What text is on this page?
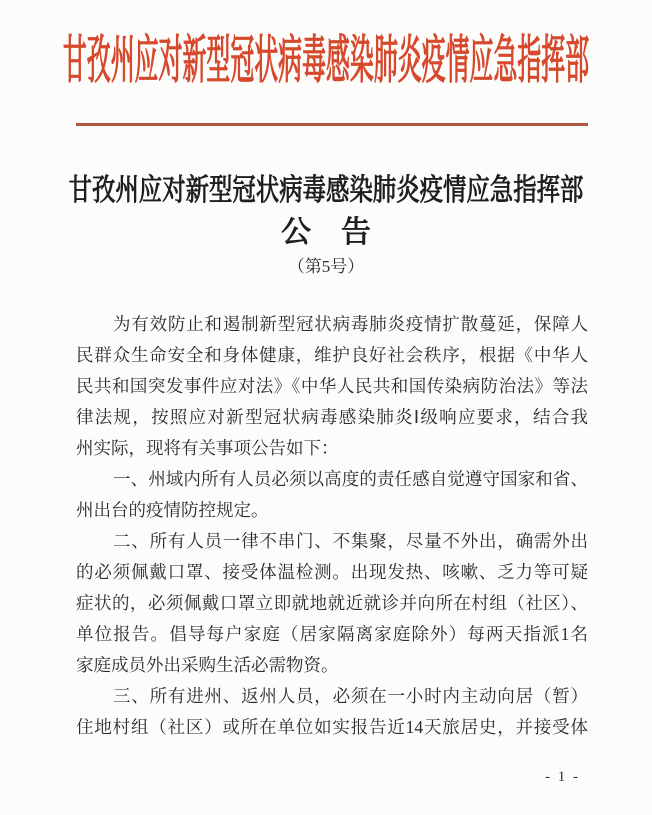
甘孜州应对新型冠状病毒感染肺炎疫情应急指挥部
甘孜州应对新型冠状病毒感染肺炎疫情应急指挥部
公　告
（第5号）
为有效防止和遏制新型冠状病毒肺炎疫情扩散蔓延，保障人
民群众生命安全和身体健康，维护良好社会秩序，根据《中华人
民共和国突发事件应对法》《中华人民共和国传染病防治法》等法
律法规，按照应对新型冠状病毒感染肺炎Ⅰ级响应要求，结合我
州实际，现将有关事项公告如下：
一、州域内所有人员必须以高度的责任感自觉遵守国家和省、
州出台的疫情防控规定。
二、所有人员一律不串门、不集聚，尽量不外出，确需外出
的必须佩戴口罩、接受体温检测。出现发热、咳嗽、乏力等可疑
症状的，必须佩戴口罩立即就地就近就诊并向所在村组（社区）、
单位报告。倡导每户家庭（居家隔离家庭除外）每两天指派1名
家庭成员外出采购生活必需物资。
三、所有进州、返州人员，必须在一小时内主动向居（暂）
住地村组（社区）或所在单位如实报告近14天旅居史，并接受体
- 1 -
